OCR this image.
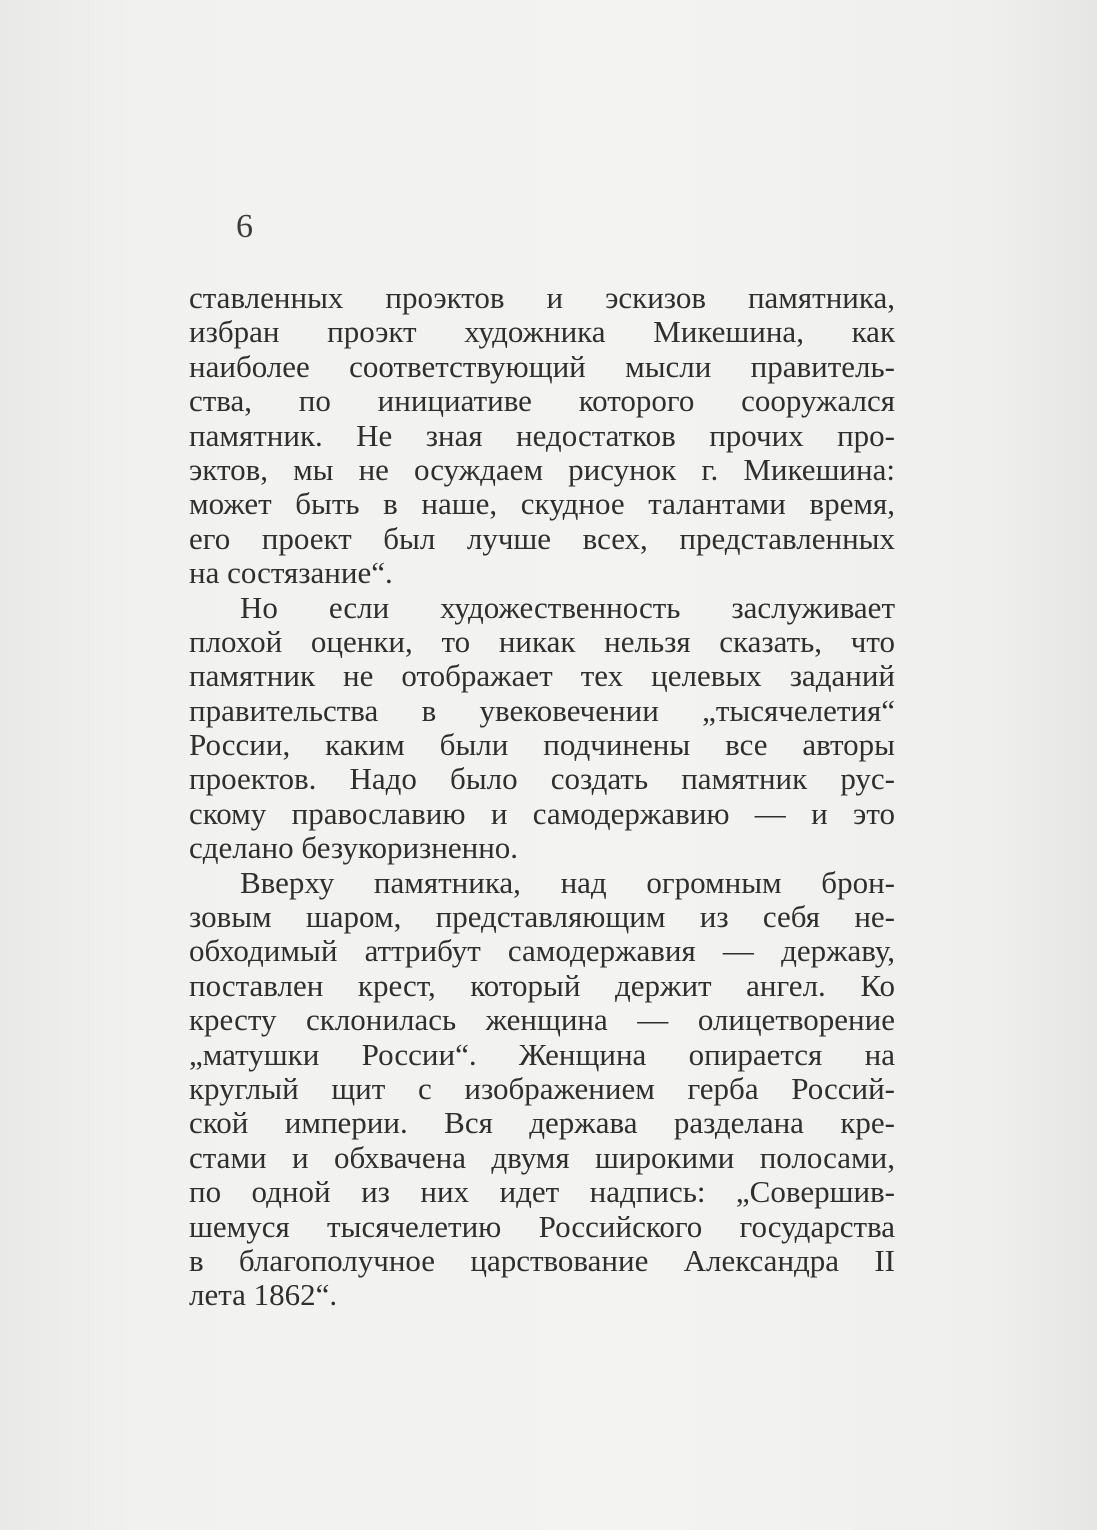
6

ставленных проэктов и эскизов памятника,
избран проэкт художника Микешина, как
наиболее соответствующий мысли правитель-
ства, по инициативе которого сооружался
памятник. Не зная недостатков прочих про-
эктов, мы не осуждаем рисунок г. Микешина:
может быть в наше, скудное талантами время,
его проект был лучше всех, представленных
на состязание“.

Но если художественность заслуживает
плохой оценки, то никак нельзя сказать, что
памятник не отображает тех целевых заданий
правительства в увековечении „тысячелетия“
России, каким были подчинены все авторы
проектов. Надо было создать памятник рус-
скому православию и самодержавию — и это
сделано безукоризненно.

Вверху памятника, над огромным брон-
зовым шаром, представляющим из себя не-
обходимый аттрибут самодержавия — державу,
поставлен крест, который держит ангел. Ко
кресту склонилась женщина — олицетворение
„матушки России“. Женщина опирается на
круглый щит с изображением герба Россий-
ской империи. Вся держава разделана кре-
стами и обхвачена двумя широкими полосами,
по одной из них идет надпись: „Совершив-
шемуся тысячелетию Российского государства
в благополучное царствование Александра II
лета 1862“.
